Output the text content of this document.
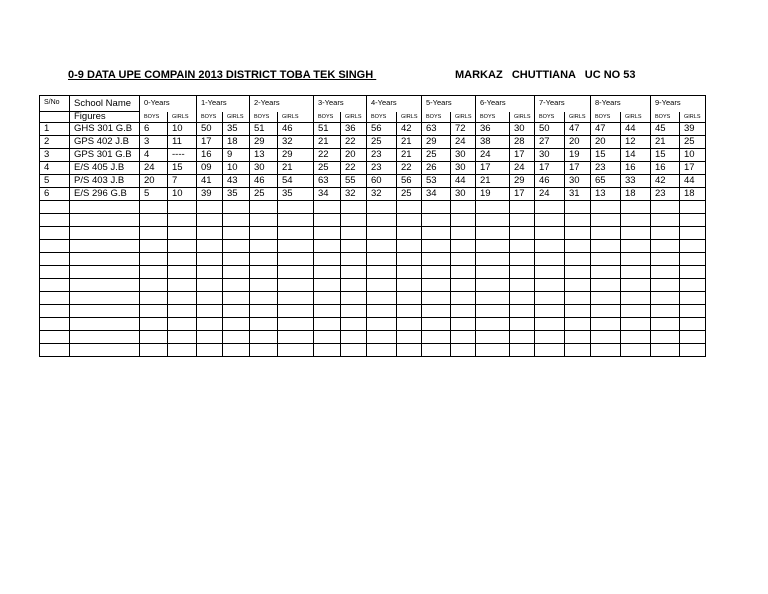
0-9 DATA UPE COMPAIN 2013 DISTRICT TOBA TEK SINGH	MARKAZ   CHUTTIANA   UC NO 53
S/No	School Name	0-Years		1-Years		2-Years		3-Years		4-Years		5-Years		6-Years		7-Years		8-Years		9-Years	
	Figures	BOYS	GIRLS	BOYS	GIRLS	BOYS	GIRLS	BOYS	GIRLS	BOYS	GIRLS	BOYS	GIRLS	BOYS	GIRLS	BOYS	GIRLS	BOYS	GIRLS	BOYS	GIRLS
1	GHS 301 G.B	6	10	50	35	51	46	51	36	56	42	63	72	36	30	50	47	47	44	45	39
2	GPS 402 J.B	3	11	17	18	29	32	21	22	25	21	29	24	38	28	27	20	20	12	21	25
3	GPS 301 G.B	4	----	16	9	13	29	22	20	23	21	25	30	24	17	30	19	15	14	15	10
4	E/S 405 J.B	24	15	09	10	30	21	25	22	23	22	26	30	17	24	17	17	23	16	16	17
5	P/S 403 J.B	20	7	41	43	46	54	63	55	60	56	53	44	21	29	46	30	65	33	42	44
6	E/S 296 G.B	5	10	39	35	25	35	34	32	32	25	34	30	19	17	24	31	13	18	23	18
